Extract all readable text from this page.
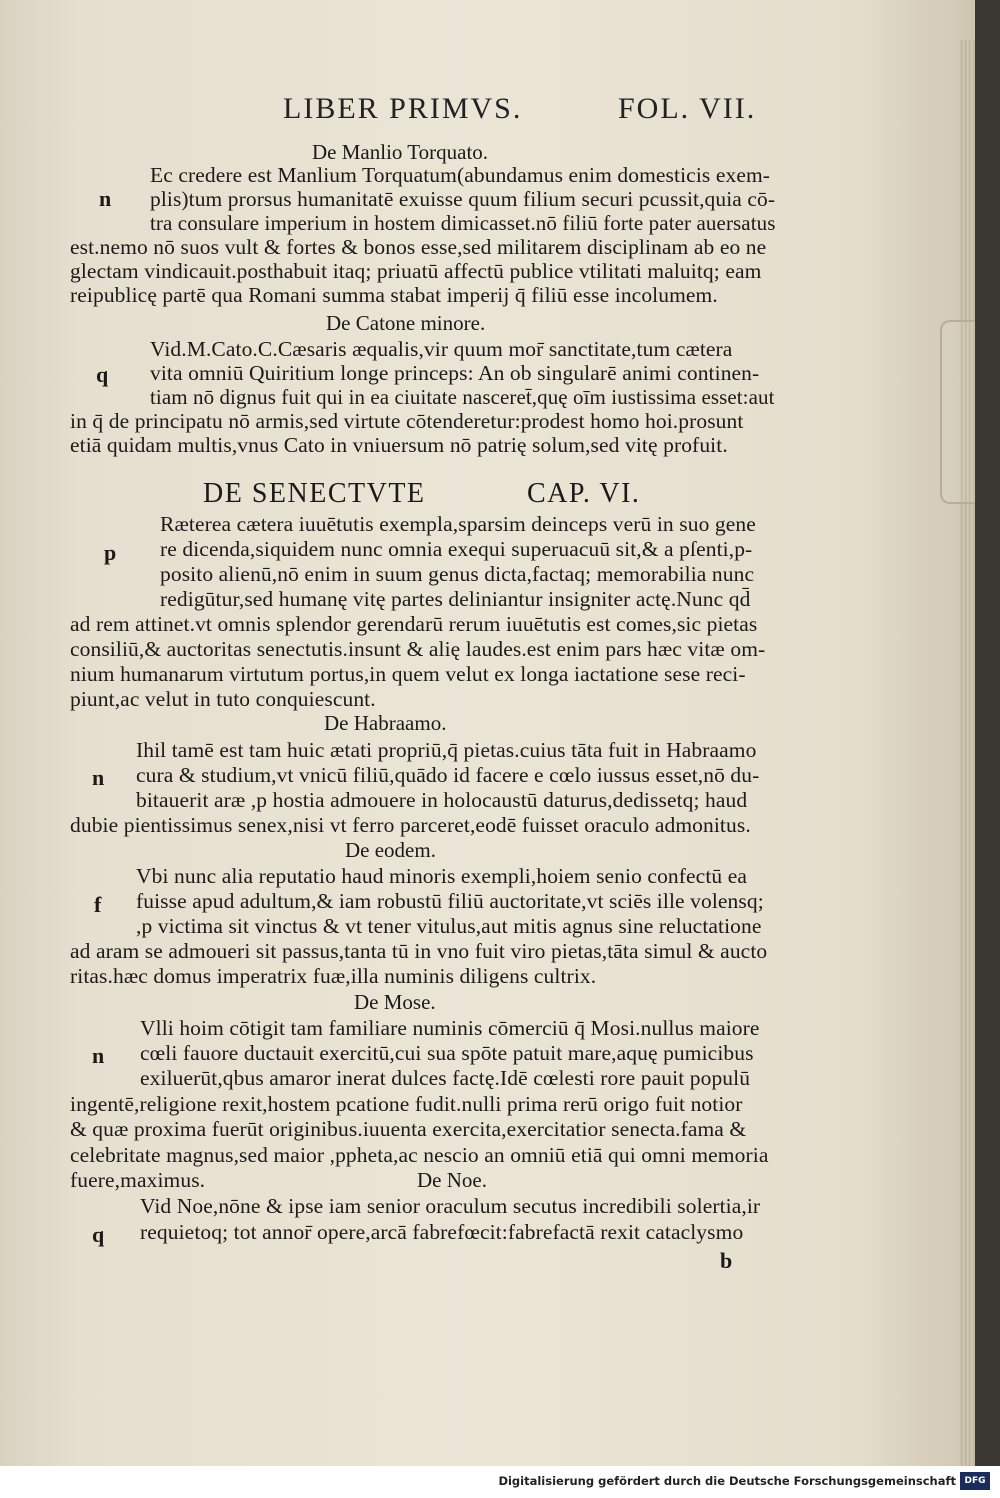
LIBER PRIMVS.	FOL. VII.
De Manlio Torquato.
Ec credere est Manlium Torquatum(abundamus enim domesticis exem-
n plis)tum prorsus humanitatē exuisse quum filium securi pcussit,quia cō-
tra consulare imperium in hostem dimicasset.nō filiū forte pater auersatus
est.nemo nō suos vult & fortes & bonos esse,sed militarem disciplinam ab eo ne
glectam vindicauit.posthabuit itaq; priuatū affectū publice vtilitati maluitq; eam
reipublicę partē qua Romani summa stabat imperij q̄ filiū esse incolumem.
De Catone minore.
Vid.M.Cato.C.Cæsaris æqualis,vir quum mor̄ sanctitate,tum cætera
q vita omniū Quiritium longe princeps: An ob singularē animi continen-
tiam nō dignus fuit qui in ea ciuitate nasceret̄,quę oīm iustissima esset:aut
in q̄ de principatu nō armis,sed virtute cōtenderetur:prodest homo hoi.prosunt
etiā quidam multis,vnus Cato in vniuersum nō patrię solum,sed vitę profuit.
DE SENECTVTE	CAP. VI.
Ræterea cætera iuuētutis exempla,sparsim deinceps verū in suo gene
p re dicenda,siquidem nunc omnia exequi superuacuū sit,& a pſenti,p-
posito alienū,nō enim in suum genus dicta,factaq; memorabilia nunc
redigūtur,sed humanę vitę partes deliniantur insigniter actę.Nunc qd̄
ad rem attinet.vt omnis splendor gerendarū rerum iuuētutis est comes,sic pietas
consiliū,& auctoritas senectutis.insunt & alię laudes.est enim pars hæc vitæ om-
nium humanarum virtutum portus,in quem velut ex longa iactatione sese reci-
piunt,ac velut in tuto conquiescunt.
De Habraamo.
Ihil tamē est tam huic ætati propriū,q̄ pietas.cuius tāta fuit in Habraamo
n cura & studium,vt vnicū filiū,quādo id facere e cœlo iussus esset,nō du-
bitauerit aræ ,p hostia admouere in holocaustū daturus,dedissetq; haud
dubie pientissimus senex,nisi vt ferro parceret,eodē fuisset oraculo admonitus.
De eodem.
Vbi nunc alia reputatio haud minoris exempli,hoiem senio confectū ea
f fuisse apud adultum,& iam robustū filiū auctoritate,vt sciēs ille volensq;
,p victima sit vinctus & vt tener vitulus,aut mitis agnus sine reluctatione
ad aram se admoueri sit passus,tanta tū in vno fuit viro pietas,tāta simul & aucto
ritas.hæc domus imperatrix fuæ,illa numinis diligens cultrix.
De Mose.
Vlli hoim cōtigit tam familiare numinis cōmerciū q̄ Mosi.nullus maiore
n cœli fauore ductauit exercitū,cui sua spōte patuit mare,aquę pumicibus
exiluerūt,qbus amaror inerat dulces factę.Idē cœlesti rore pauit populū
ingentē,religione rexit,hostem pcatione fudit.nulli prima rerū origo fuit notior
& quæ proxima fuerūt originibus.iuuenta exercita,exercitatior senecta.fama &
celebritate magnus,sed maior ,ppheta,ac nescio an omniū etiā qui omni memoria
fuere,maximus.	De Noe.
Vid Noe,nōne & ipse iam senior oraculum secutus incredibili solertia,ir
q requietoq; tot annor̄ opere,arcā fabrefœcit:fabrefactā rexit cataclysmo
b
Digitalisierung gefördert durch die Deutsche Forschungsgemeinschaft DFG
